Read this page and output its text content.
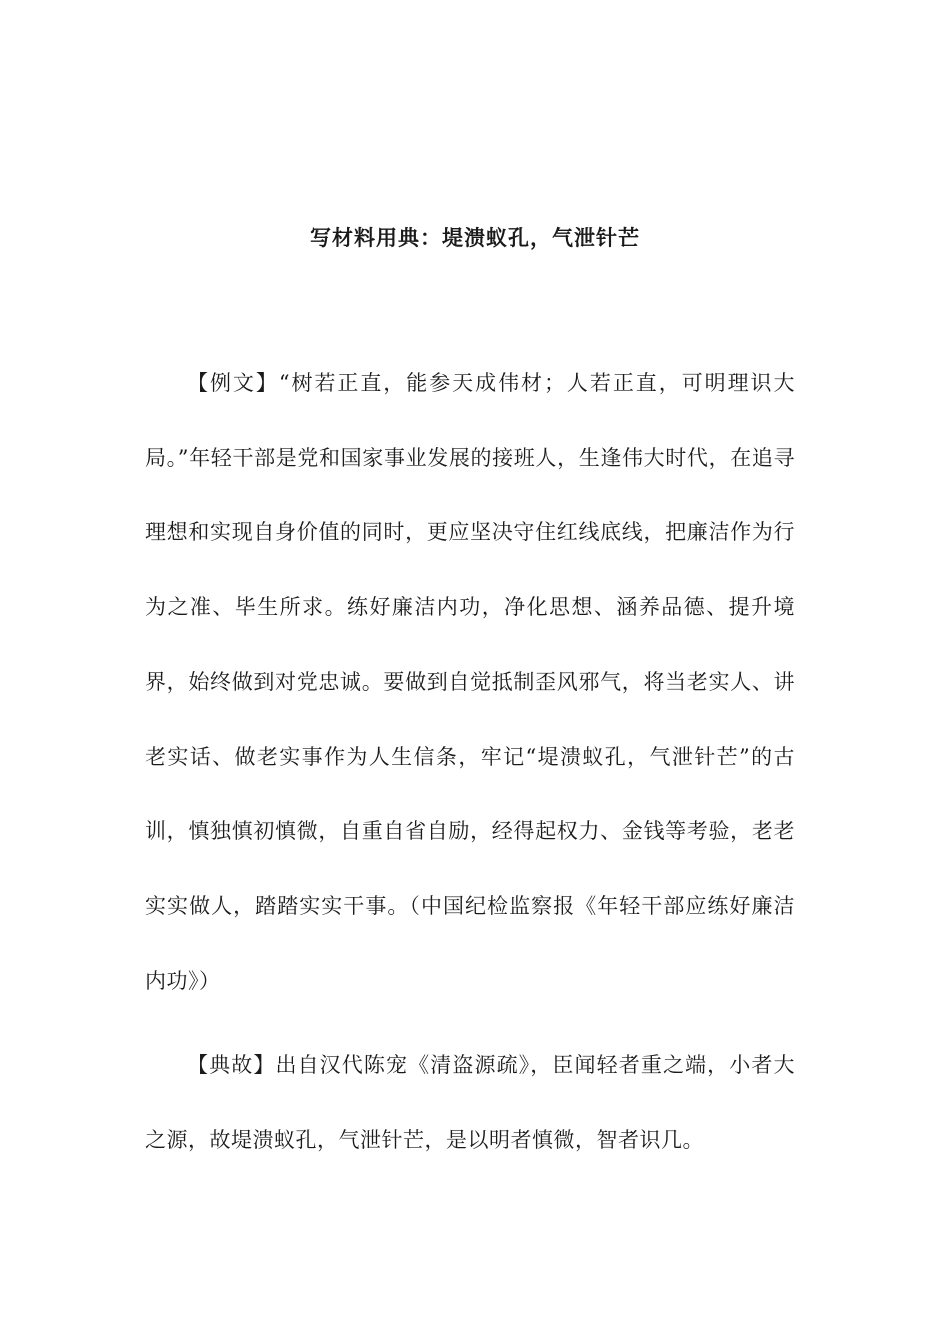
写材料用典：堤溃蚁孔，气泄针芒

【例文】“树若正直，能参天成伟材；人若正直，可明理识大局。”年轻干部是党和国家事业发展的接班人，生逢伟大时代，在追寻理想和实现自身价值的同时，更应坚决守住红线底线，把廉洁作为行为之准、毕生所求。练好廉洁内功，净化思想、涵养品德、提升境界，始终做到对党忠诚。要做到自觉抵制歪风邪气，将当老实人、讲老实话、做老实事作为人生信条，牢记“堤溃蚁孔，气泄针芒”的古训，慎独慎初慎微，自重自省自励，经得起权力、金钱等考验，老老实实做人，踏踏实实干事。（中国纪检监察报《年轻干部应练好廉洁内功》）

【典故】出自汉代陈宠《清盗源疏》，臣闻轻者重之端，小者大之源，故堤溃蚁孔，气泄针芒，是以明者慎微，智者识几。
